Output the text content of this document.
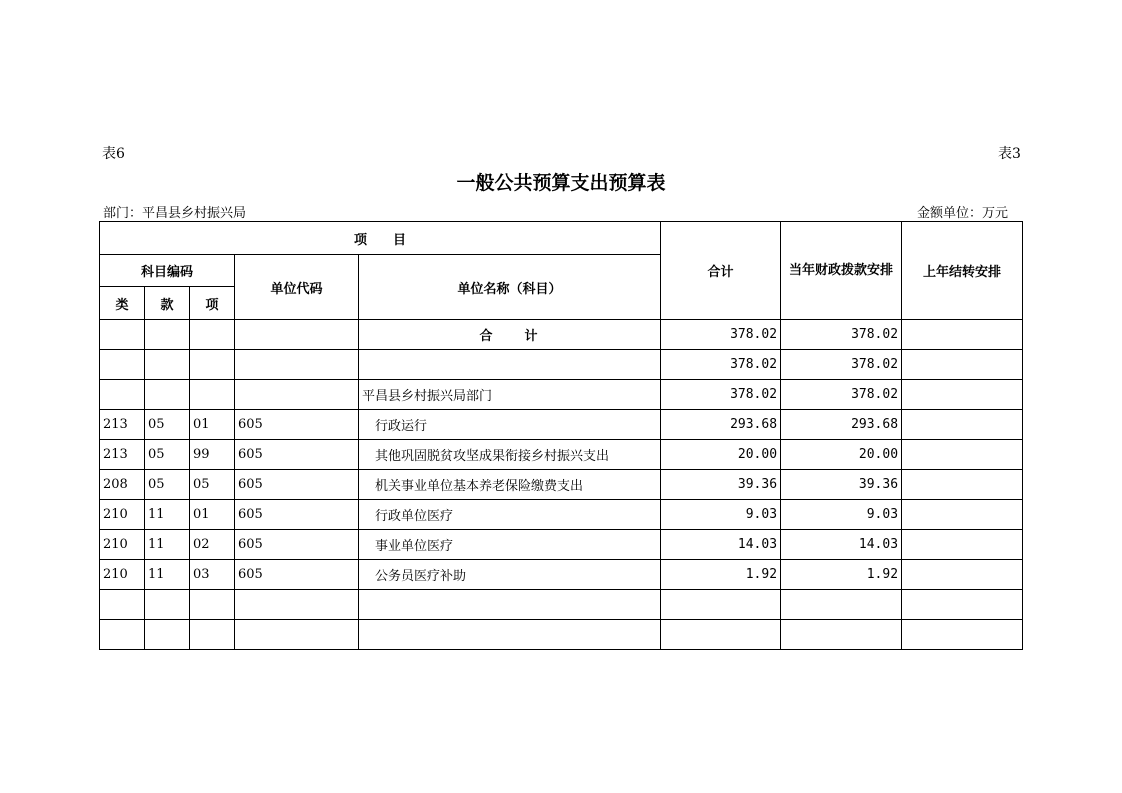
表6	表3
一般公共预算支出预算表
部门：平昌县乡村振兴局	金额单位：万元
项　　目					合计	当年财政拨款安排	上年结转安排
科目编码			单位代码	单位名称（科目）			
类	款	项					
				合　　计	378.02	378.02	
					378.02	378.02	
				平昌县乡村振兴局部门	378.02	378.02	
213	05	01	605	行政运行	293.68	293.68	
213	05	99	605	其他巩固脱贫攻坚成果衔接乡村振兴支出	20.00	20.00	
208	05	05	605	机关事业单位基本养老保险缴费支出	39.36	39.36	
210	11	01	605	行政单位医疗	9.03	9.03	
210	11	02	605	事业单位医疗	14.03	14.03	
210	11	03	605	公务员医疗补助	1.92	1.92	
